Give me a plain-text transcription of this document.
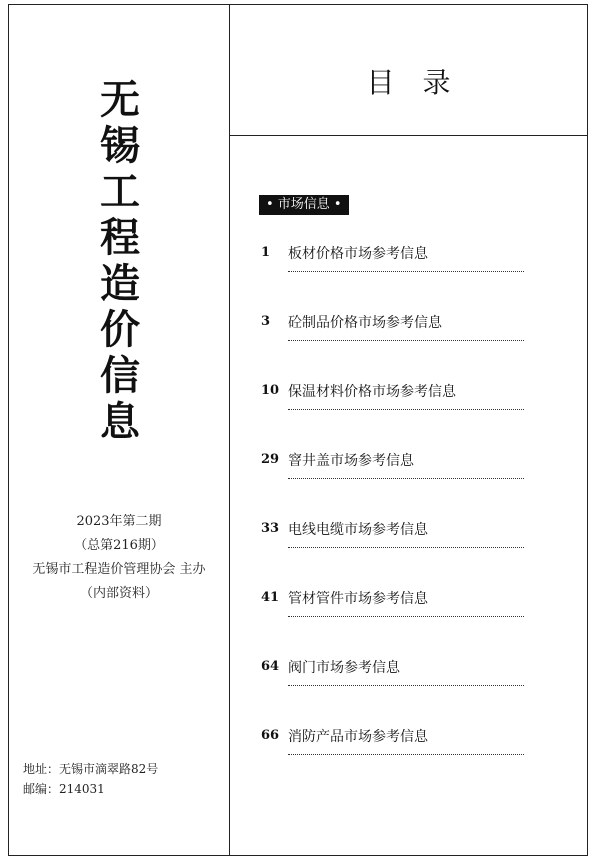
无
锡
工
程
造
价
信
息
2023年第二期
（总第216期）
无锡市工程造价管理协会 主办
（内部资料）
地址：无锡市滴翠路82号
邮编：214031
目录
• 市场信息 •
1	板材价格市场参考信息
3	砼制品价格市场参考信息
10 保温材料价格市场参考信息
29 窨井盖市场参考信息
33 电线电缆市场参考信息
41 管材管件市场参考信息
64 阀门市场参考信息
66 消防产品市场参考信息
